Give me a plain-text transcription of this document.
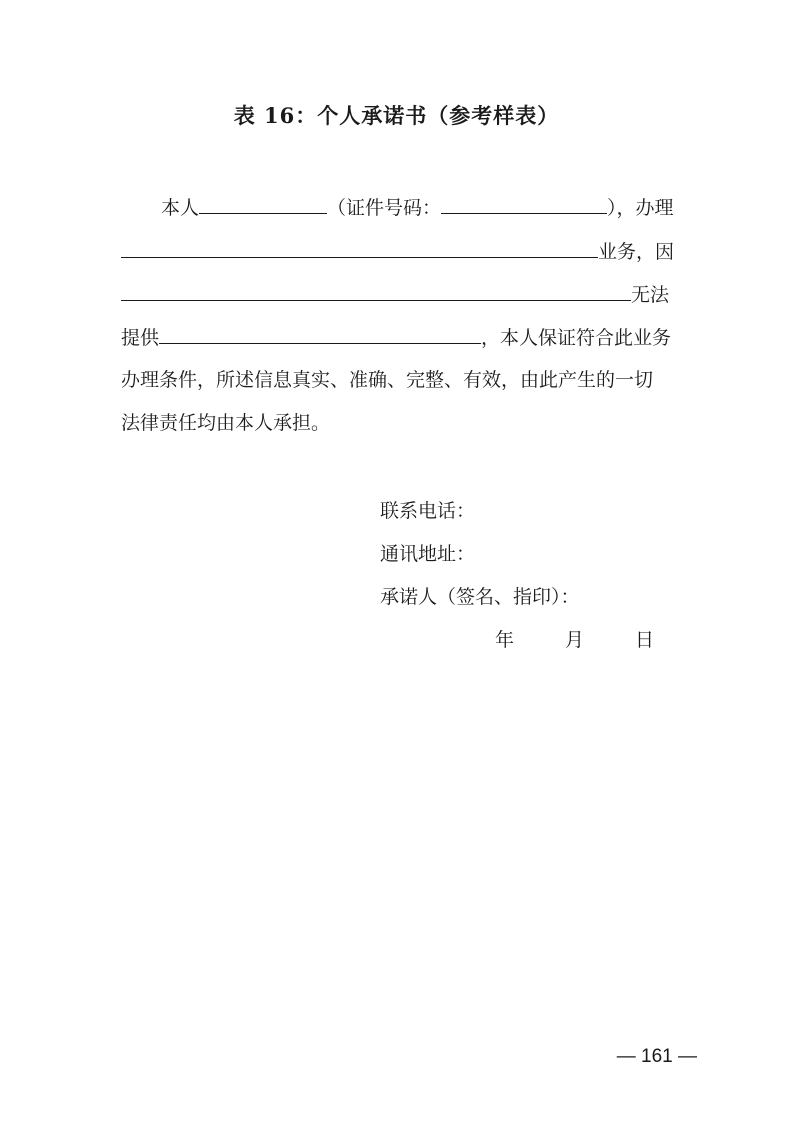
表 16：个人承诺书（参考样表）
本人	（证件号码：	），办理
业务，因
无法
提供	，本人保证符合此业务
办理条件，所述信息真实、准确、完整、有效，由此产生的一切
法律责任均由本人承担。
联系电话：
通讯地址：
承诺人（签名、指印）：
年	月	日
— 161 —
